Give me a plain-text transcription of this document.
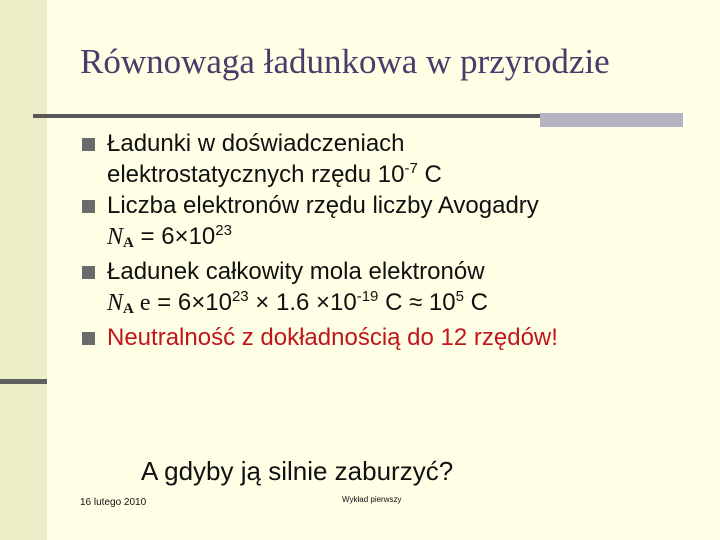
Równowaga ładunkowa w przyrodzie
Ładunki w doświadczeniach
elektrostatycznych rzędu $10^{-7}$ C
Liczba elektronów rzędu liczby Avogadry
NA = $6\times 10^{23}$
Ładunek całkowity mola elektronów
NA $e = 6\times 10^{23} \times 1.6 \times 10^{-19}$ $C \approx 10^5$ C
Neutralność z dokładnością do 12 rzędów!
A gdyby ją silnie zaburzyć?
16 lutego 2010	Wykład pierwszy
